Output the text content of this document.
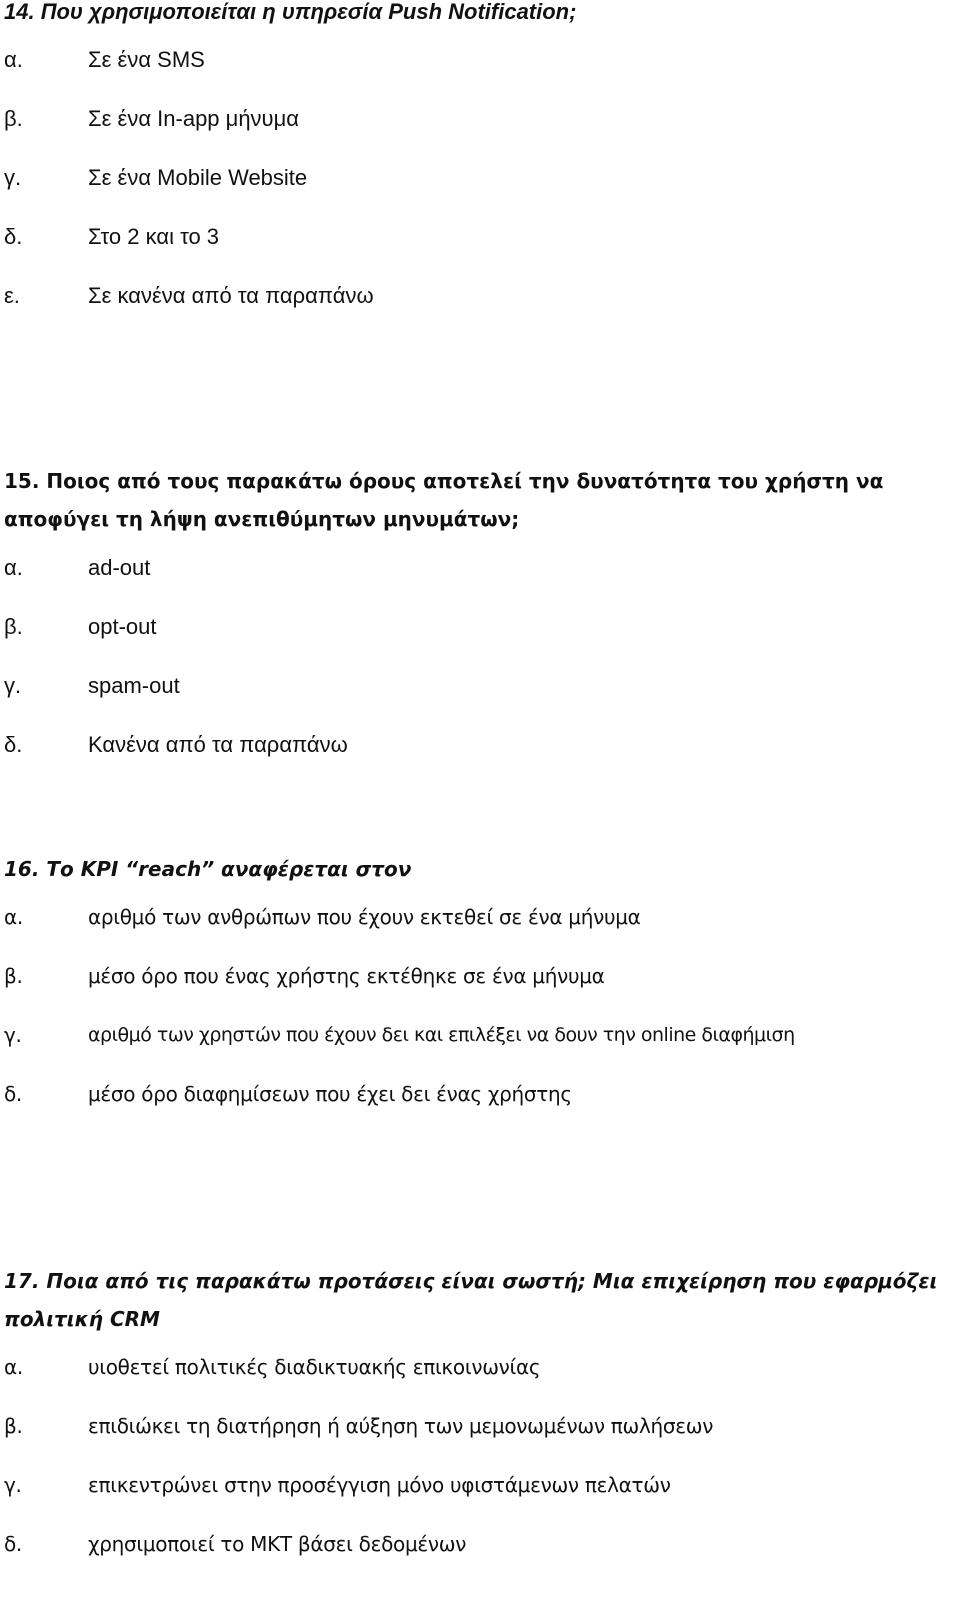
14. Που χρησιμοποιείται η υπηρεσία Push Notification;

α.	Σε ένα SMS
β.	Σε ένα In-app μήνυμα
γ.	Σε ένα Mobile Website
δ.	Στο 2 και το 3
ε.	Σε κανένα από τα παραπάνω

15. Ποιος από τους παρακάτω όρους αποτελεί την δυνατότητα του χρήστη να αποφύγει τη λήψη ανεπιθύμητων μηνυμάτων;

α.	ad-out
β.	opt-out
γ.	spam-out
δ.	Κανένα από τα παραπάνω

16. Το KPI “reach” αναφέρεται στον

α.	αριθμό των ανθρώπων που έχουν εκτεθεί σε ένα μήνυμα
β.	μέσο όρο που ένας χρήστης εκτέθηκε σε ένα μήνυμα
γ.	αριθμό των χρηστών που έχουν δει και επιλέξει να δουν την online διαφήμιση
δ.	μέσο όρο διαφημίσεων που έχει δει ένας χρήστης

17. Ποια από τις παρακάτω προτάσεις είναι σωστή; Μια επιχείρηση που εφαρμόζει πολιτική CRM

α.	υιοθετεί πολιτικές διαδικτυακής επικοινωνίας
β.	επιδιώκει τη διατήρηση ή αύξηση των μεμονωμένων πωλήσεων
γ.	επικεντρώνει στην προσέγγιση μόνο υφιστάμενων πελατών
δ.	χρησιμοποιεί το ΜΚΤ βάσει δεδομένων
